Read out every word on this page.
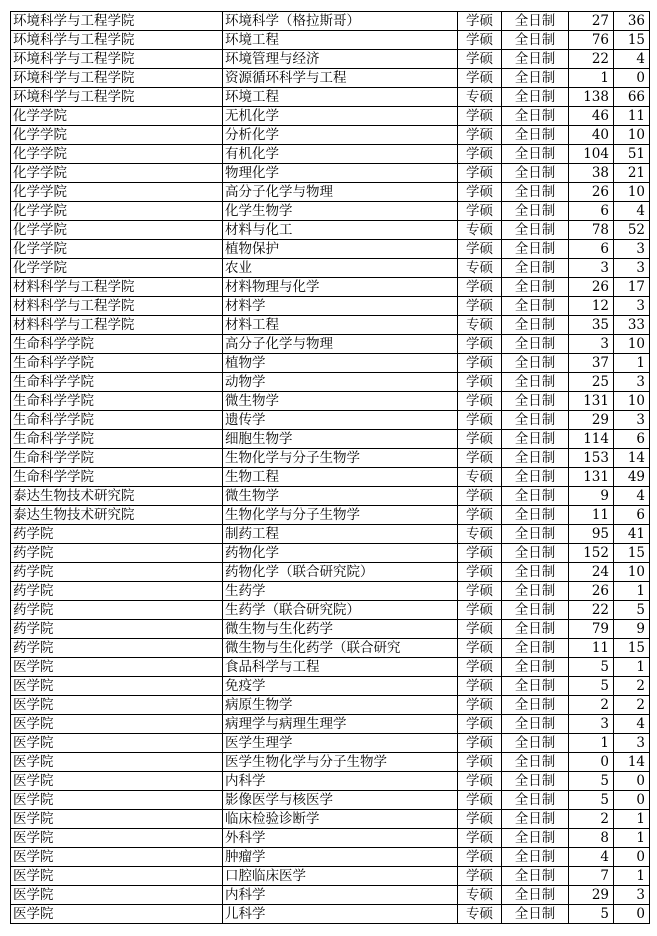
环境科学与工程学院	环境科学（格拉斯哥）	学硕	全日制	27	36
环境科学与工程学院	环境工程	学硕	全日制	76	15
环境科学与工程学院	环境管理与经济	学硕	全日制	22	4
环境科学与工程学院	资源循环科学与工程	学硕	全日制	1	0
环境科学与工程学院	环境工程	专硕	全日制	138	66
化学学院	无机化学	学硕	全日制	46	11
化学学院	分析化学	学硕	全日制	40	10
化学学院	有机化学	学硕	全日制	104	51
化学学院	物理化学	学硕	全日制	38	21
化学学院	高分子化学与物理	学硕	全日制	26	10
化学学院	化学生物学	学硕	全日制	6	4
化学学院	材料与化工	专硕	全日制	78	52
化学学院	植物保护	学硕	全日制	6	3
化学学院	农业	专硕	全日制	3	3
材料科学与工程学院	材料物理与化学	学硕	全日制	26	17
材料科学与工程学院	材料学	学硕	全日制	12	3
材料科学与工程学院	材料工程	专硕	全日制	35	33
生命科学学院	高分子化学与物理	学硕	全日制	3	10
生命科学学院	植物学	学硕	全日制	37	1
生命科学学院	动物学	学硕	全日制	25	3
生命科学学院	微生物学	学硕	全日制	131	10
生命科学学院	遗传学	学硕	全日制	29	3
生命科学学院	细胞生物学	学硕	全日制	114	6
生命科学学院	生物化学与分子生物学	学硕	全日制	153	14
生命科学学院	生物工程	专硕	全日制	131	49
泰达生物技术研究院	微生物学	学硕	全日制	9	4
泰达生物技术研究院	生物化学与分子生物学	学硕	全日制	11	6
药学院	制药工程	专硕	全日制	95	41
药学院	药物化学	学硕	全日制	152	15
药学院	药物化学（联合研究院）	学硕	全日制	24	10
药学院	生药学	学硕	全日制	26	1
药学院	生药学（联合研究院）	学硕	全日制	22	5
药学院	微生物与生化药学	学硕	全日制	79	9
药学院	微生物与生化药学（联合研究	学硕	全日制	11	15
医学院	食品科学与工程	学硕	全日制	5	1
医学院	免疫学	学硕	全日制	5	2
医学院	病原生物学	学硕	全日制	2	2
医学院	病理学与病理生理学	学硕	全日制	3	4
医学院	医学生理学	学硕	全日制	1	3
医学院	医学生物化学与分子生物学	学硕	全日制	0	14
医学院	内科学	学硕	全日制	5	0
医学院	影像医学与核医学	学硕	全日制	5	0
医学院	临床检验诊断学	学硕	全日制	2	1
医学院	外科学	学硕	全日制	8	1
医学院	肿瘤学	学硕	全日制	4	0
医学院	口腔临床医学	学硕	全日制	7	1
医学院	内科学	专硕	全日制	29	3
医学院	儿科学	专硕	全日制	5	0
